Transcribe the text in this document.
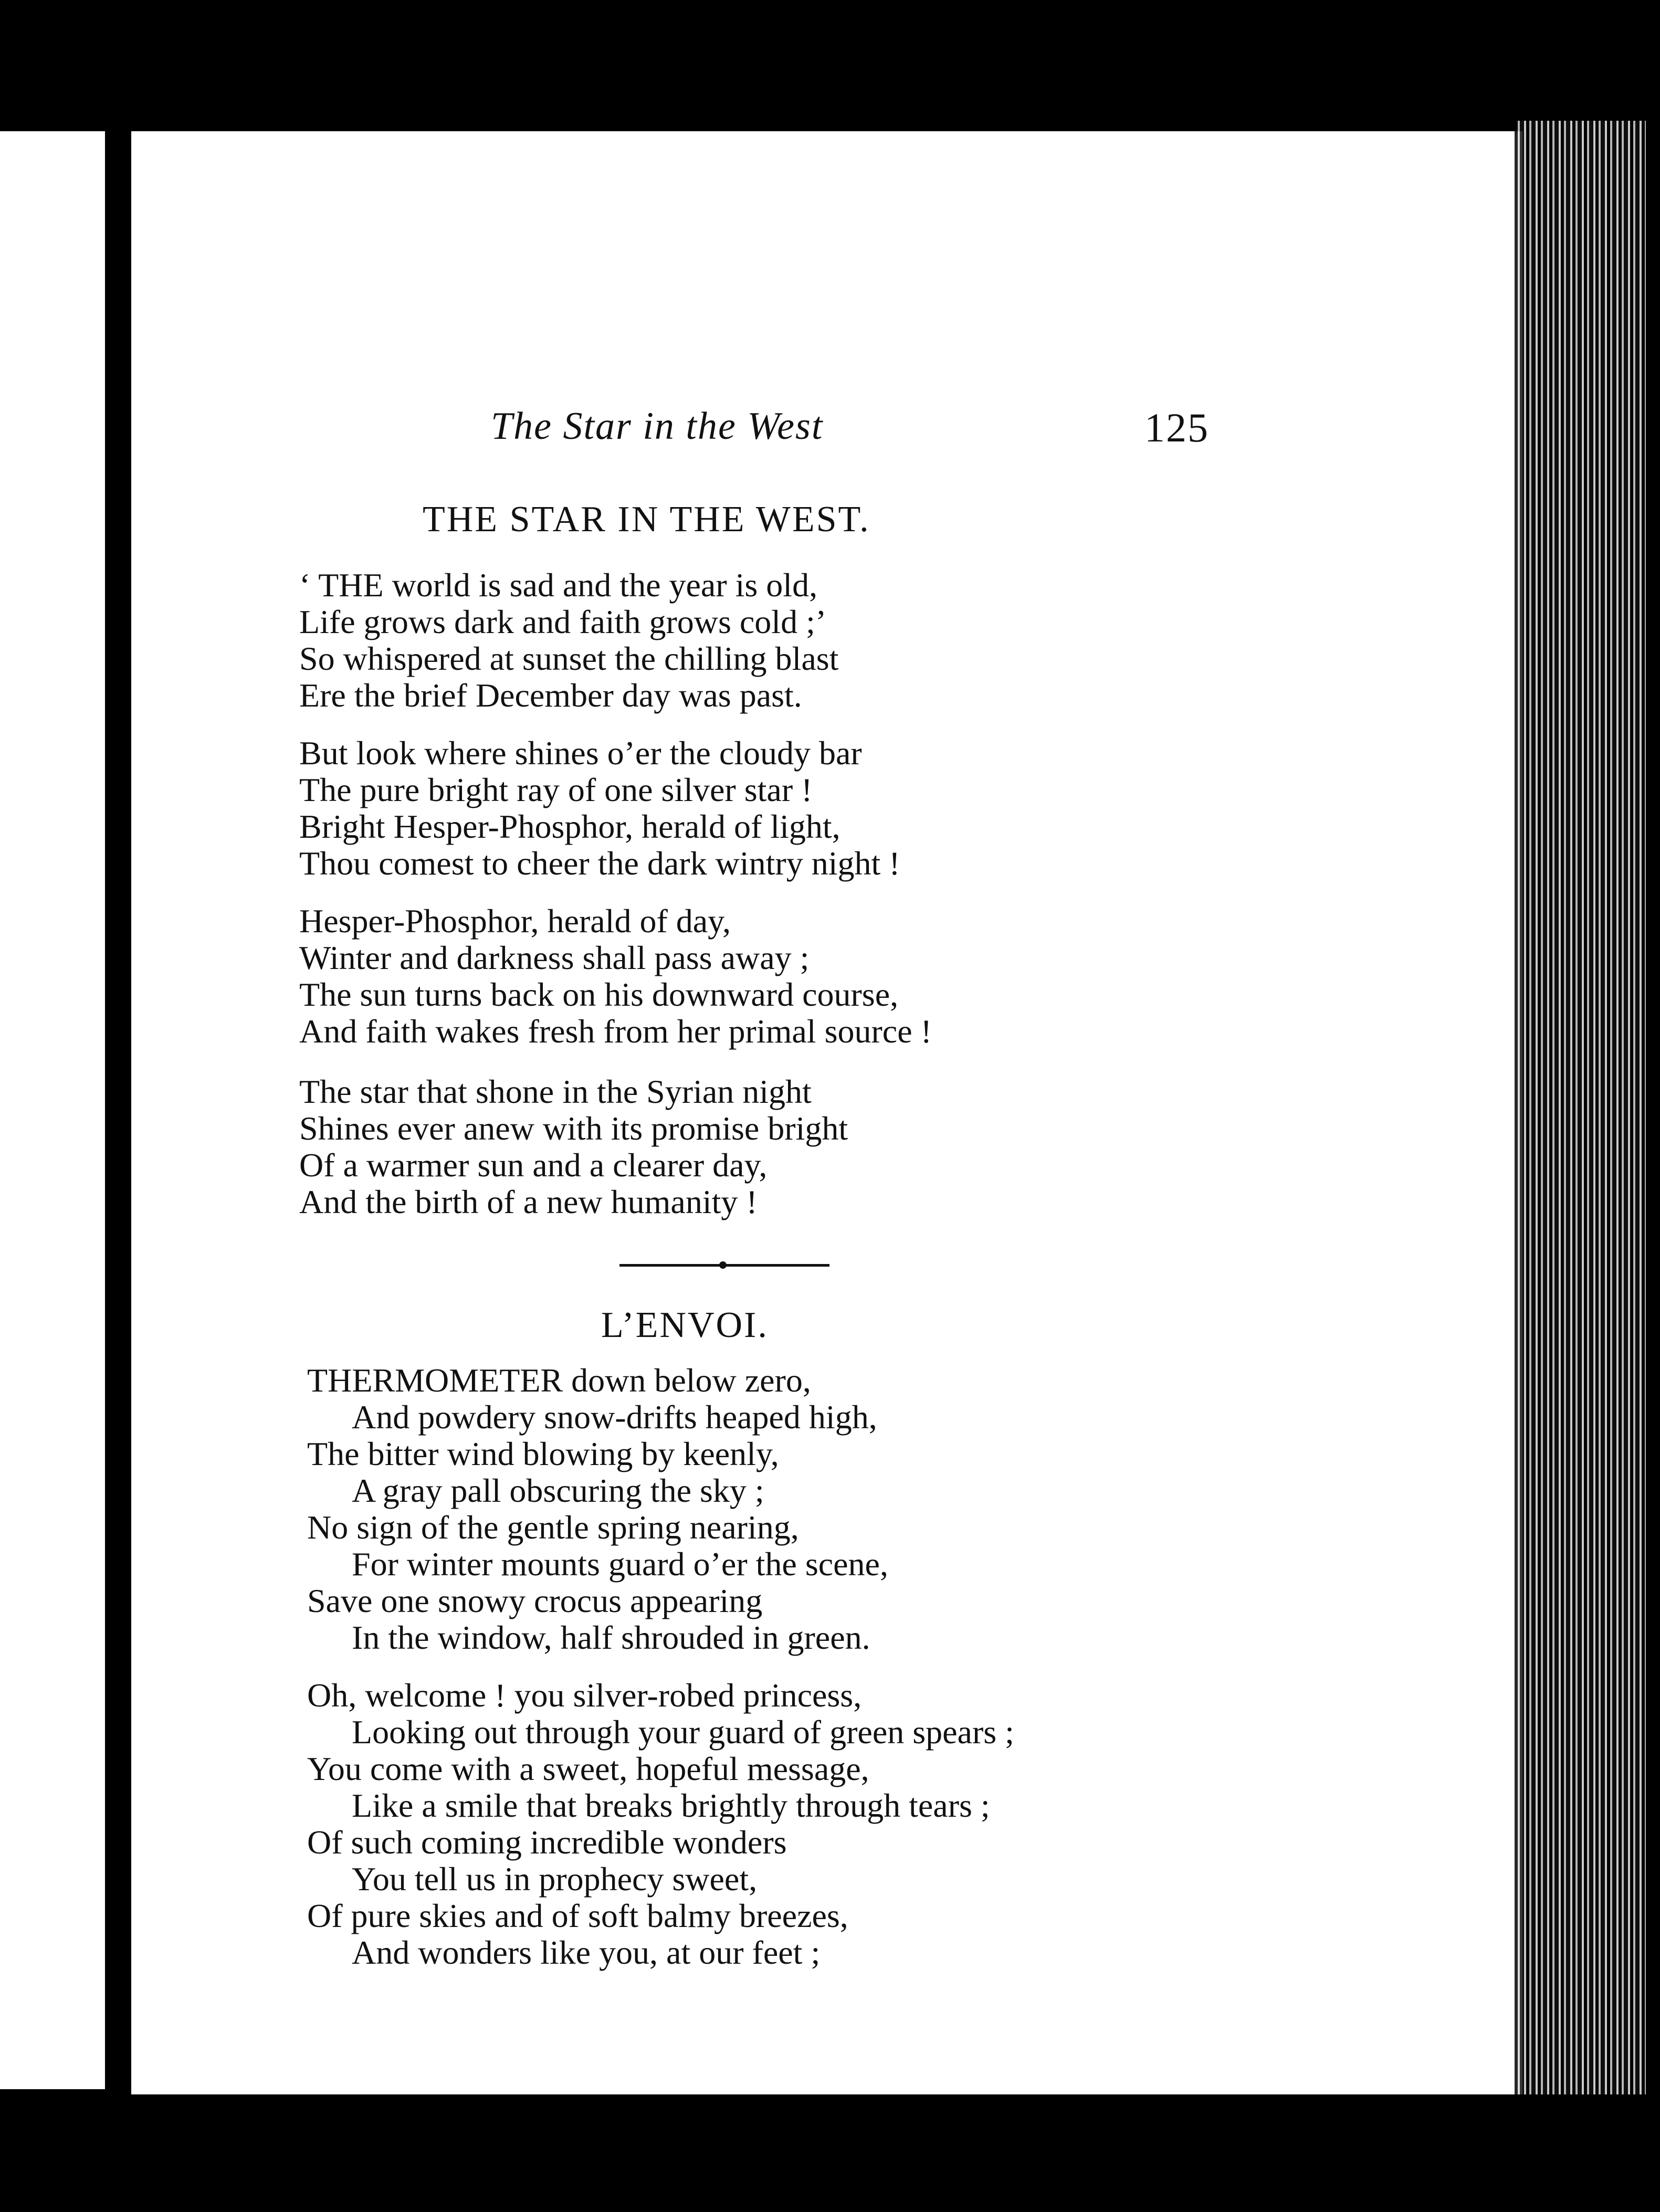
The Star in the West	125
THE STAR IN THE WEST.
‘ THE world is sad and the year is old,
Life grows dark and faith grows cold ;’
So whispered at sunset the chilling blast
Ere the brief December day was past.
But look where shines o’er the cloudy bar
The pure bright ray of one silver star !
Bright Hesper-Phosphor, herald of light,
Thou comest to cheer the dark wintry night !
Hesper-Phosphor, herald of day,
Winter and darkness shall pass away ;
The sun turns back on his downward course,
And faith wakes fresh from her primal source !
The star that shone in the Syrian night
Shines ever anew with its promise bright
Of a warmer sun and a clearer day,
And the birth of a new humanity !
L’ENVOI.
THERMOMETER down below zero,
And powdery snow-drifts heaped high,
The bitter wind blowing by keenly,
A gray pall obscuring the sky ;
No sign of the gentle spring nearing,
For winter mounts guard o’er the scene,
Save one snowy crocus appearing
In the window, half shrouded in green.
Oh, welcome ! you silver-robed princess,
Looking out through your guard of green spears ;
You come with a sweet, hopeful message,
Like a smile that breaks brightly through tears ;
Of such coming incredible wonders
You tell us in prophecy sweet,
Of pure skies and of soft balmy breezes,
And wonders like you, at our feet ;
